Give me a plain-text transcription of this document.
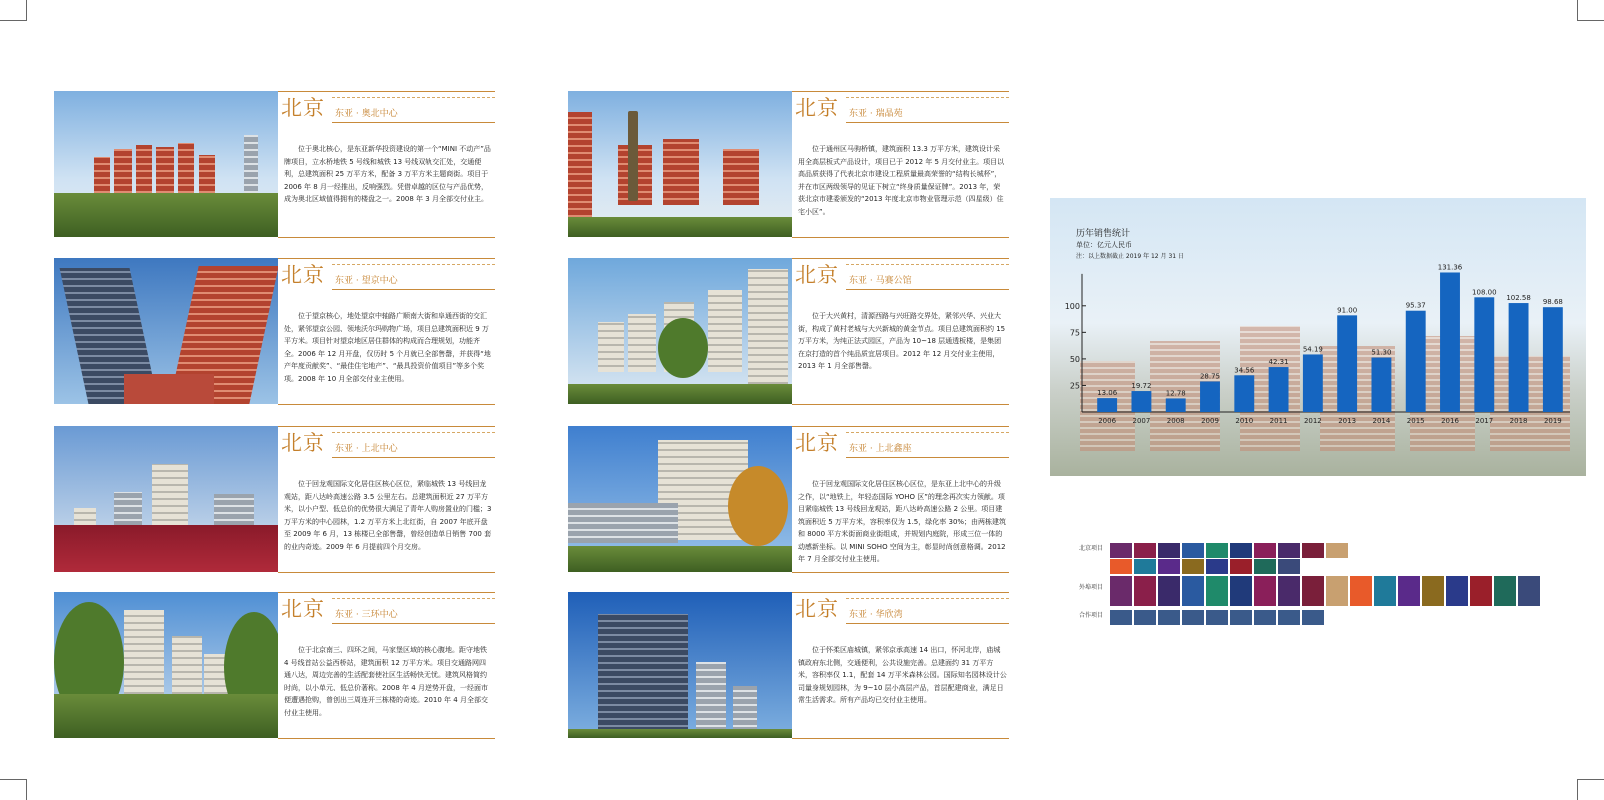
北京 东亚 · 奥北中心
位于奥北核心，是东亚新华投资建设的第一个“MINI 不动产”品牌项目，立水桥地铁 5 号线和城铁 13 号线双轨交汇处，交通便利，总建筑面积 25 万平方米，配备 3 万平方米主题商街。项目于 2006 年 8 月一经推出，反响强烈。凭借卓越的区位与产品优势，成为奥北区域值得拥有的楼盘之一。2008 年 3 月全部交付业主。
北京 东亚 · 瑞晶苑
位于通州区马驹桥镇，建筑面积 13.3 万平方米，建筑设计采用全高层板式产品设计，项目已于 2012 年 5 月交付业主。项目以高品质获得了代表北京市建设工程质量最高荣誉的“结构长城杯”，并在市区两级领导的见证下树立“终身质量保证牌”。2013 年，荣获北京市建委颁发的“2013 年度北京市物业管理示范（四星级）住宅小区”。
北京 东亚 · 望京中心
位于望京核心，地处望京中轴路广顺南大街和阜通西街的交汇处，紧邻望京公园、领地沃尔玛购物广场，项目总建筑面积近 9 万平方米。项目针对望京地区居住群体的构成而合理规划，功能齐全。2006 年 12 月开盘，仅历时 5 个月就已全部售罄，并获得“地产年度贡献奖”、“最佳住宅地产”、“最具投资价值项目”等多个奖项。2008 年 10 月全部交付业主使用。
北京 东亚 · 马赛公馆
位于大兴黄村，清源西路与兴旺路交界处，紧邻兴华、兴业大街，构成了黄村老城与大兴新城的黄金节点。项目总建筑面积约 15 万平方米，为纯正法式园区，产品为 10~18 层通透板楼，是集团在京打造的首个纯品质宜居项目。2012 年 12 月交付业主使用，2013 年 1 月全部售罄。
北京 东亚 · 上北中心
位于回龙观国际文化居住区核心区位，紧临城铁 13 号线回龙观站，距八达岭高速公路 3.5 公里左右。总建筑面积近 27 万平方米，以小户型、低总价的优势很大满足了青年人购房置业的门槛；3 万平方米的中心园林，1.2 万平方米上北红街，自 2007 年底开盘至 2009 年 6 月，13 栋楼已全部售罄，曾经创造单日销售 700 套的业内奇迹。2009 年 6 月提前四个月交房。
北京 东亚 · 上北鑫座
位于回龙观国际文化居住区核心区位，是东亚上北中心的升级之作，以“地铁上，年轻态国际 YOHO 区”的理念再次实力领献。项目紧临城铁 13 号线回龙观站，距八达岭高速公路 2 公里。项目建筑面积近 5 万平方米，容积率仅为 1.5，绿化率 30%；由两栋建筑和 8000 平方米街面商业街组成，并规划内庭院，形成三位一体的动感新坐标。以 MINI SOHO 空间为主，彰显时尚创意格调。2012 年 7 月全部交付业主使用。
北京 东亚 · 三环中心
位于北京南三、四环之间，马家堡区域的核心腹地。距守地铁 4 号线首站公益西桥站，建筑面积 12 万平方米。项目交通路网四通八达，周边完善的生活配套使社区生活畅快无忧。建筑风格简约时尚，以小单元、低总价著称。2008 年 4 月逆势开盘，一经面市便遭遇抢购，曾创出三周连开三栋楼的奇迹。2010 年 4 月全部交付业主使用。
北京 东亚 · 华欣湾
位于怀柔区庙城镇，紧邻京承高速 14 出口，怀河北岸，庙城镇政府东北侧，交通便利，公共设施完善。总建面约 31 万平方米，容积率仅 1.1，配套 14 万平米森林公园。国际知名园林设计公司量身规划园林，为 9~10 层小高层产品，首层配建商业，满足日常生活需求。所有产品均已交付业主使用。
历年销售统计
单位：亿元人民币
注：以上数据截止 2019 年 12 月 31 日
100
75
50
25
13.06
2006
19.72
2007
12.78
2008
28.75
2009
34.56
2010
42.31
2011
54.19
2012
91.00
2013
51.30
2014
95.37
2015
131.36
2016
108.00
2017
102.58
2018
98.68
2019
北京项目
外埠项目
合作项目
